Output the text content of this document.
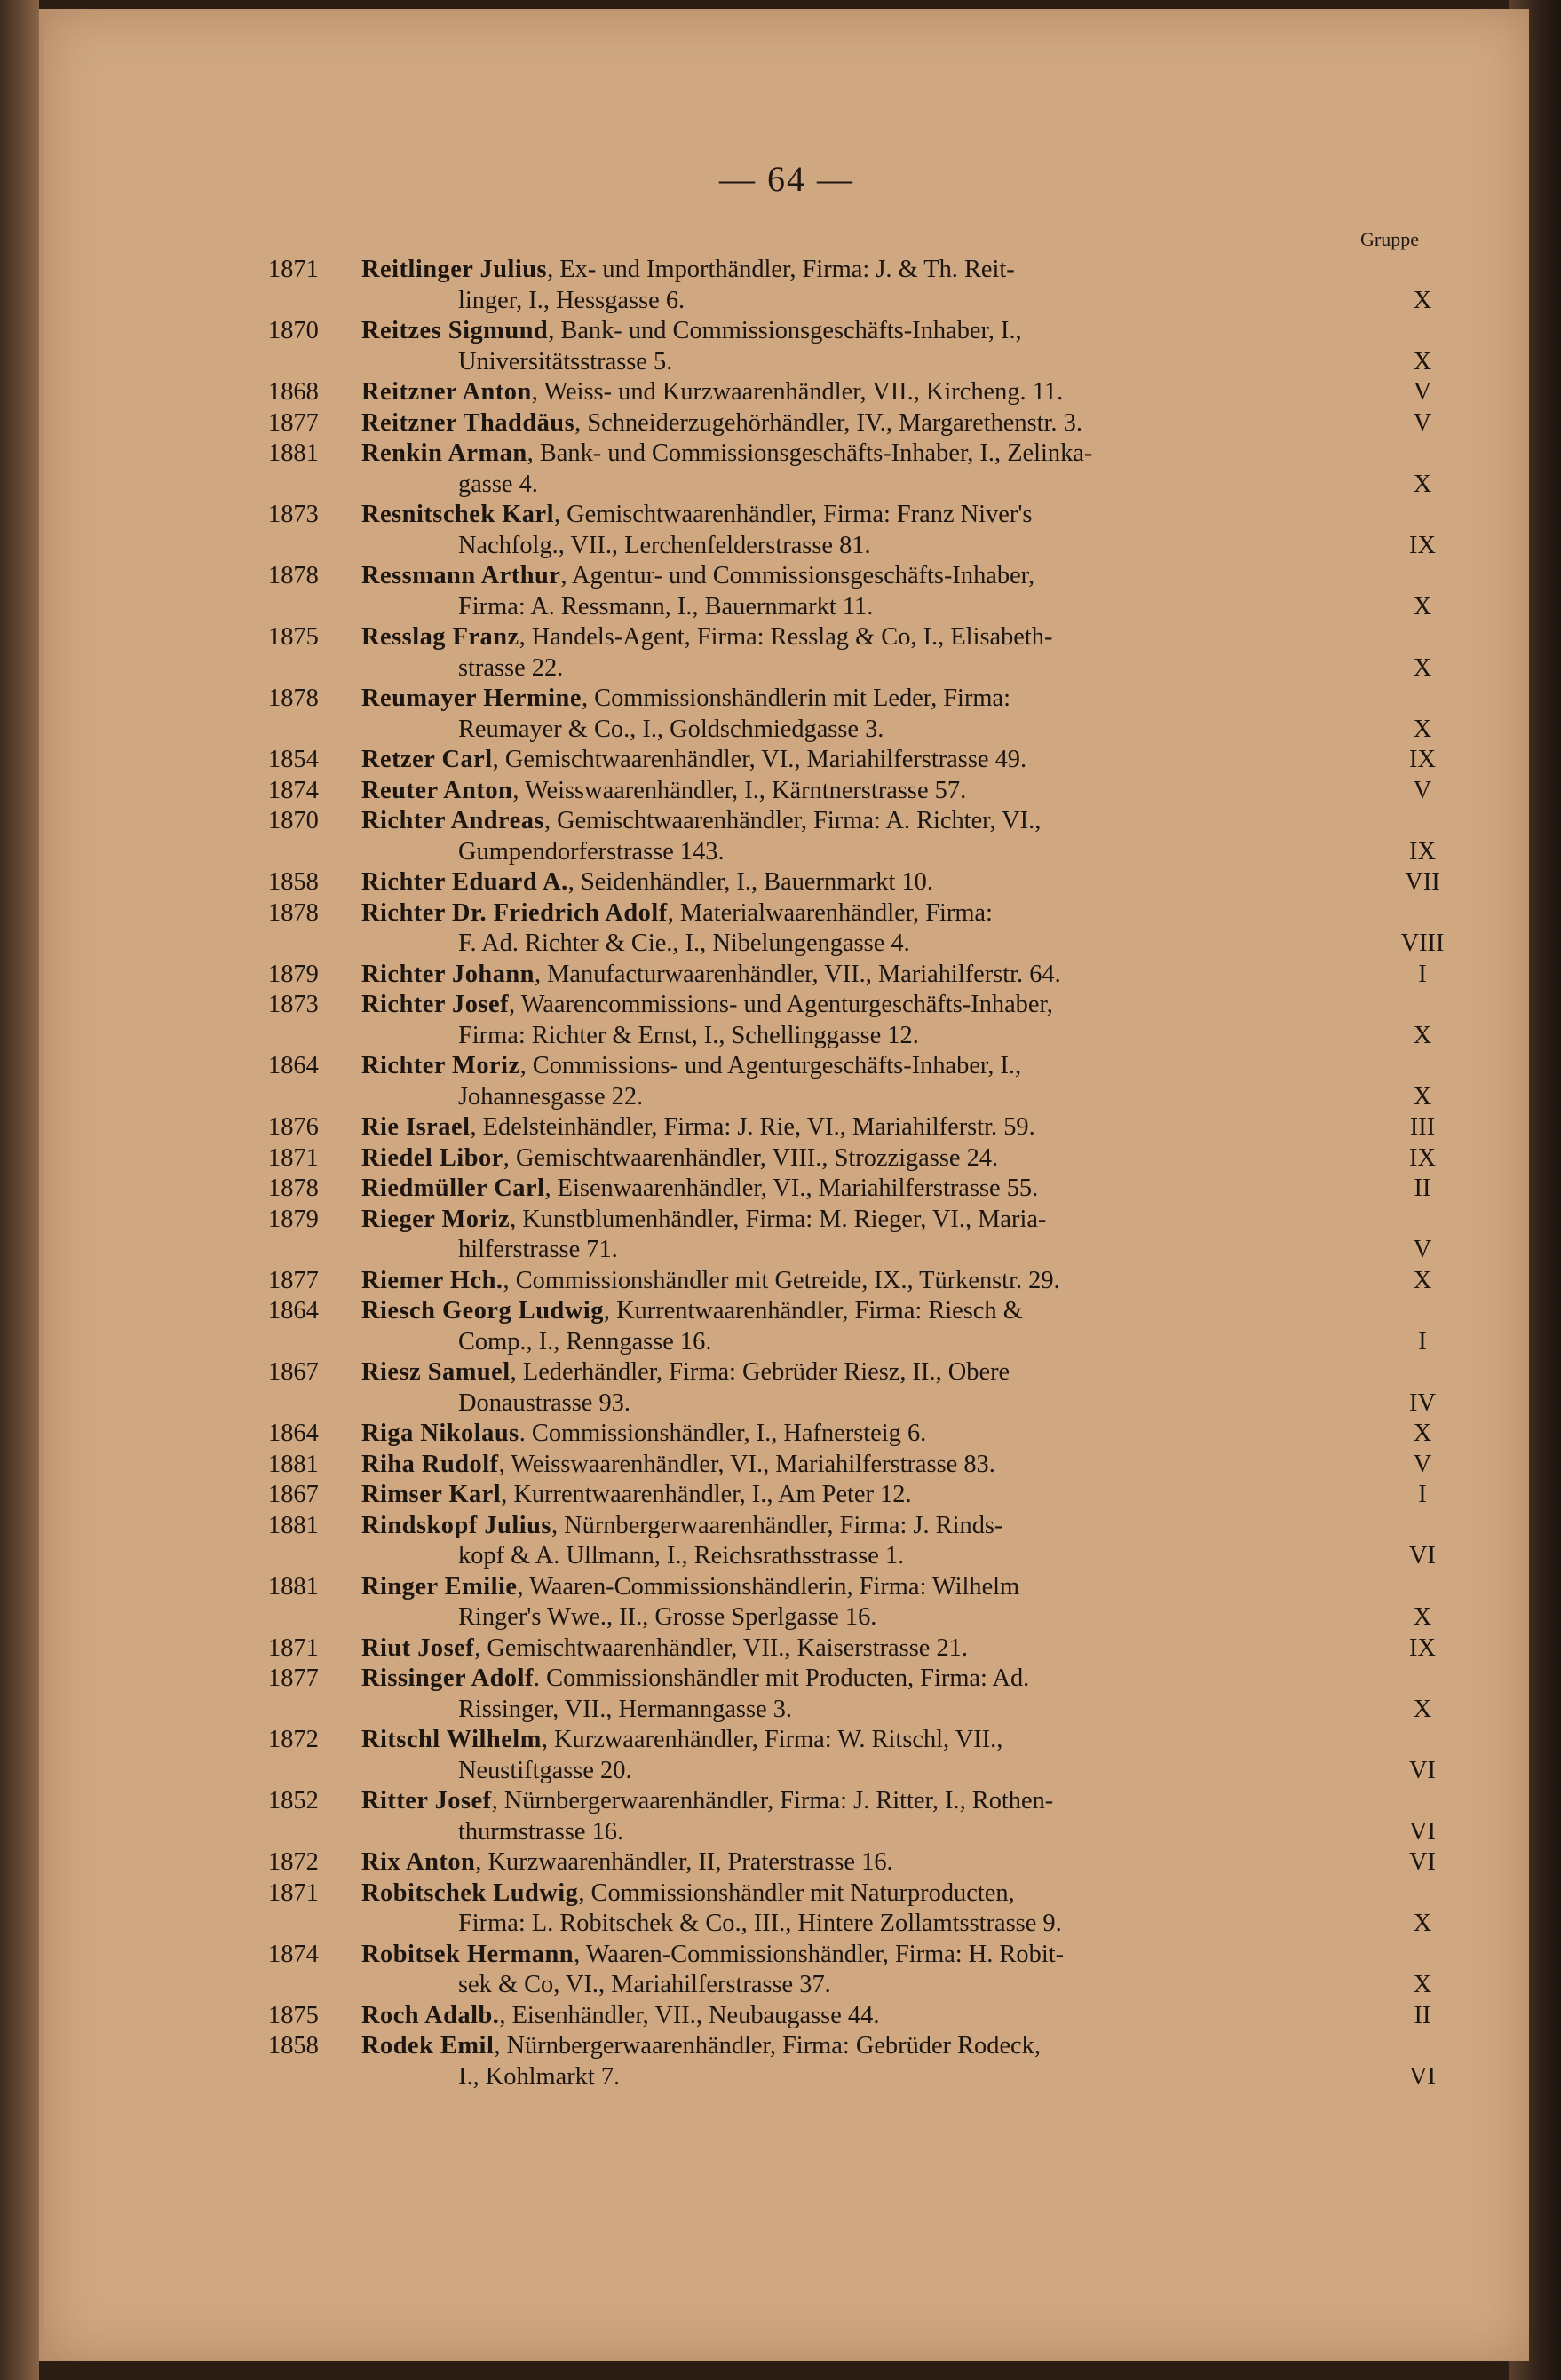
— 64 —
Gruppe
1871	Reitlinger Julius, Ex- und Importhändler, Firma: J. & Th. Reit-
linger, I., Hessgasse 6.	X
1870	Reitzes Sigmund, Bank- und Commissionsgeschäfts-Inhaber, I.,
Universitätsstrasse 5.	X
1868	Reitzner Anton, Weiss- und Kurzwaarenhändler, VII., Kircheng. 11.	V
1877	Reitzner Thaddäus, Schneiderzugehörhändler, IV., Margarethenstr. 3.	V
1881	Renkin Arman, Bank- und Commissionsgeschäfts-Inhaber, I., Zelinka-
gasse 4.	X
1873	Resnitschek Karl, Gemischtwaarenhändler, Firma: Franz Niver's
Nachfolg., VII., Lerchenfelderstrasse 81.	IX
1878	Ressmann Arthur, Agentur- und Commissionsgeschäfts-Inhaber,
Firma: A. Ressmann, I., Bauernmarkt 11.	X
1875	Resslag Franz, Handels-Agent, Firma: Resslag & Co, I., Elisabeth-
strasse 22.	X
1878	Reumayer Hermine, Commissionshändlerin mit Leder, Firma:
Reumayer & Co., I., Goldschmiedgasse 3.	X
1854	Retzer Carl, Gemischtwaarenhändler, VI., Mariahilferstrasse 49.	IX
1874	Reuter Anton, Weisswaarenhändler, I., Kärntnerstrasse 57.	V
1870	Richter Andreas, Gemischtwaarenhändler, Firma: A. Richter, VI.,
Gumpendorferstrasse 143.	IX
1858	Richter Eduard A., Seidenhändler, I., Bauernmarkt 10.	VII
1878	Richter Dr. Friedrich Adolf, Materialwaarenhändler, Firma:
F. Ad. Richter & Cie., I., Nibelungengasse 4.	VIII
1879	Richter Johann, Manufacturwaarenhändler, VII., Mariahilferstr. 64.	I
1873	Richter Josef, Waarencommissions- und Agenturgeschäfts-Inhaber,
Firma: Richter & Ernst, I., Schellinggasse 12.	X
1864	Richter Moriz, Commissions- und Agenturgeschäfts-Inhaber, I.,
Johannesgasse 22.	X
1876	Rie Israel, Edelsteinhändler, Firma: J. Rie, VI., Mariahilferstr. 59.	III
1871	Riedel Libor, Gemischtwaarenhändler, VIII., Strozzigasse 24.	IX
1878	Riedmüller Carl, Eisenwaarenhändler, VI., Mariahilferstrasse 55.	II
1879	Rieger Moriz, Kunstblumenhändler, Firma: M. Rieger, VI., Maria-
hilferstrasse 71.	V
1877	Riemer Hch., Commissionshändler mit Getreide, IX., Türkenstr. 29.	X
1864	Riesch Georg Ludwig, Kurrentwaarenhändler, Firma: Riesch &
Comp., I., Renngasse 16.	I
1867	Riesz Samuel, Lederhändler, Firma: Gebrüder Riesz, II., Obere
Donaustrasse 93.	IV
1864	Riga Nikolaus. Commissionshändler, I., Hafnersteig 6.	X
1881	Riha Rudolf, Weisswaarenhändler, VI., Mariahilferstrasse 83.	V
1867	Rimser Karl, Kurrentwaarenhändler, I., Am Peter 12.	I
1881	Rindskopf Julius, Nürnbergerwaarenhändler, Firma: J. Rinds-
kopf & A. Ullmann, I., Reichsrathsstrasse 1.	VI
1881	Ringer Emilie, Waaren-Commissionshändlerin, Firma: Wilhelm
Ringer's Wwe., II., Grosse Sperlgasse 16.	X
1871	Riut Josef, Gemischtwaarenhändler, VII., Kaiserstrasse 21.	IX
1877	Rissinger Adolf. Commissionshändler mit Producten, Firma: Ad.
Rissinger, VII., Hermanngasse 3.	X
1872	Ritschl Wilhelm, Kurzwaarenhändler, Firma: W. Ritschl, VII.,
Neustiftgasse 20.	VI
1852	Ritter Josef, Nürnbergerwaarenhändler, Firma: J. Ritter, I., Rothen-
thurmstrasse 16.	VI
1872	Rix Anton, Kurzwaarenhändler, II, Praterstrasse 16.	VI
1871	Robitschek Ludwig, Commissionshändler mit Naturproducten,
Firma: L. Robitschek & Co., III., Hintere Zollamtsstrasse 9.	X
1874	Robitsek Hermann, Waaren-Commissionshändler, Firma: H. Robit-
sek & Co, VI., Mariahilferstrasse 37.	X
1875	Roch Adalb., Eisenhändler, VII., Neubaugasse 44.	II
1858	Rodek Emil, Nürnbergerwaarenhändler, Firma: Gebrüder Rodeck,
I., Kohlmarkt 7.	VI
